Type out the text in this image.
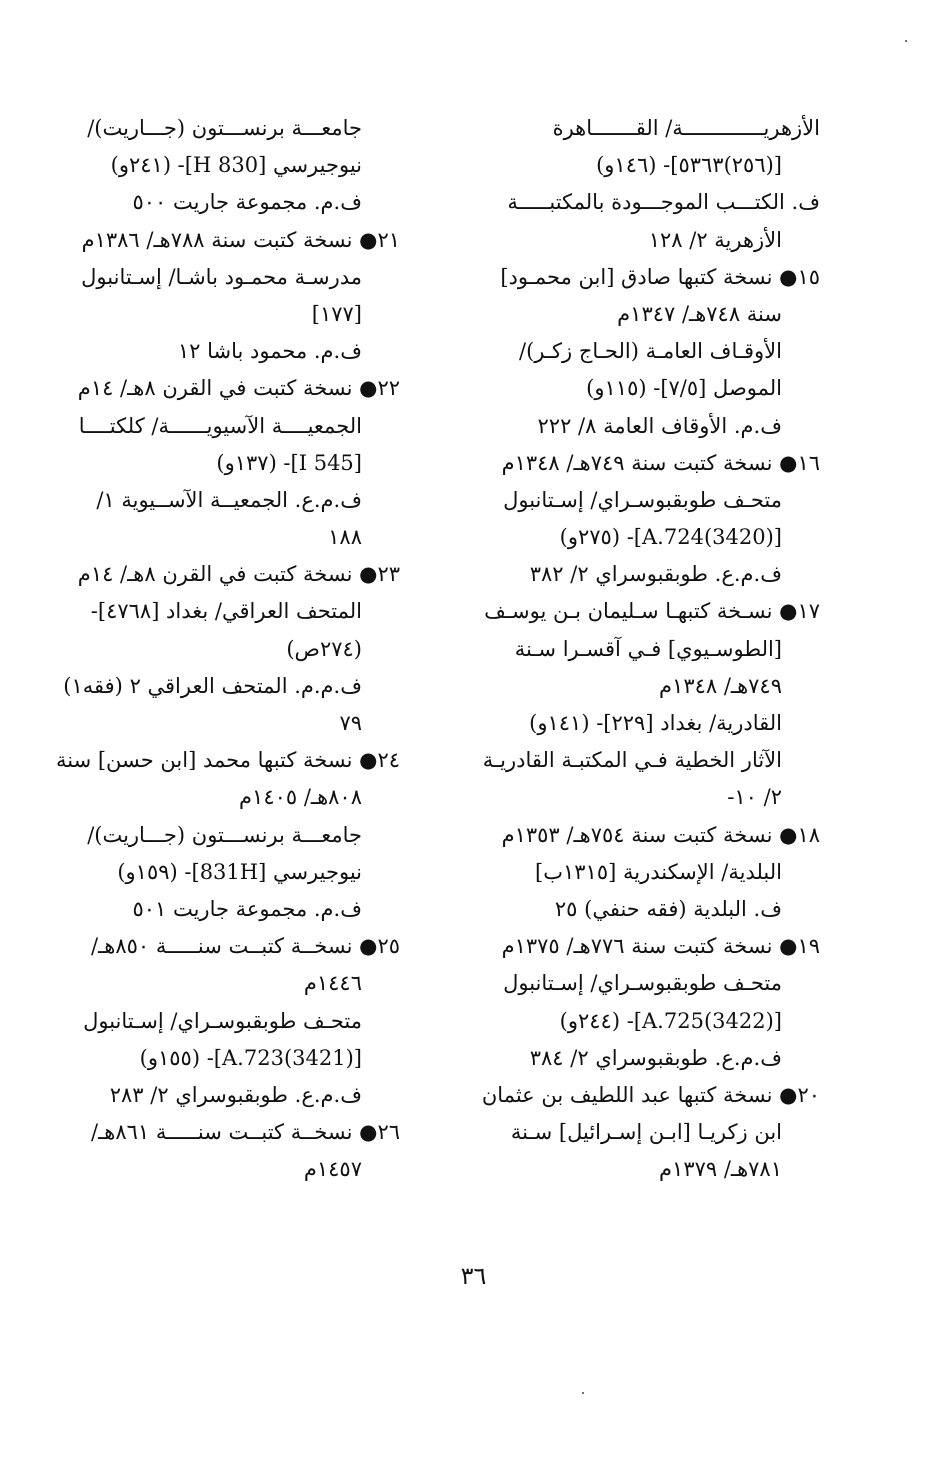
الأزهريـــــــــــــة/ القـــــــاهرة
[(٢٥٦)٥٣٦٣]- (١٤٦و)
ف. الكتـــب الموجـــودة بالمكتبـــــة
الأزهرية ٢/ ١٢٨
١٥● نسخة كتبها صادق [ابن محمـود]
سنة ٧٤٨هـ/ ١٣٤٧م
الأوقـاف العامـة (الحـاج زكـر)/
الموصل [٧/٥]- (١١٥و)
ف.م. الأوقاف العامة ٨/ ٢٢٢
١٦● نسخة كتبت سنة ٧٤٩هـ/ ١٣٤٨م
متحـف طوبقبوسـراي/ إسـتانبول
[(3420)A.724]- (٢٧٥و)
ف.م.ع. طوبقبوسراي ٢/ ٣٨٢
١٧● نسـخة كتبهـا سـليمان بـن يوسـف
[الطوسـيوي] فـي آقسـرا سـنة
٧٤٩هـ/ ١٣٤٨م
القادرية/ بغداد [٢٢٩]- (١٤١و)
الآثار الخطية فـي المكتبـة القادريـة
٢/ ١٠-
١٨● نسخة كتبت سنة ٧٥٤هـ/ ١٣٥٣م
البلدية/ الإسكندرية [١٣١٥ب]
ف. البلدية (فقه حنفي) ٢٥
١٩● نسخة كتبت سنة ٧٧٦هـ/ ١٣٧٥م
متحـف طوبقبوسـراي/ إسـتانبول
[(3422)A.725]- (٢٤٤و)
ف.م.ع. طوبقبوسراي ٢/ ٣٨٤
٢٠● نسخة كتبها عبد اللطيف بن عثمان
ابن زكريـا [ابـن إسـرائيل] سـنة
٧٨١هـ/ ١٣٧٩م
جامعـــة برنســـتون (جـــاريت)/
نيوجيرسي [830 H]- (٢٤١و)
ف.م. مجموعة جاريت ٥٠٠
٢١● نسخة كتبت سنة ٧٨٨هـ/ ١٣٨٦م
مدرسـة محمـود باشـا/ إسـتانبول
[١٧٧]
ف.م. محمود باشا ١٢
٢٢● نسخة كتبت في القرن ٨هـ/ ١٤م
الجمعيــــة الآسيويــــــة/ كلكتــــا
[I 545]- (١٣٧و)
ف.م.ع. الجمعيــة الآســيوية ١/
١٨٨
٢٣● نسخة كتبت في القرن ٨هـ/ ١٤م
المتحف العراقي/ بغداد [٤٧٦٨]-
(٢٧٤ص)
ف.م.م. المتحف العراقي ٢ (فقه١)
٧٩
٢٤● نسخة كتبها محمد [ابن حسن] سنة
٨٠٨هـ/ ١٤٠٥م
جامعـــة برنســـتون (جـــاريت)/
نيوجيرسي [831H]- (١٥٩و)
ف.م. مجموعة جاريت ٥٠١
٢٥● نسخــة كتبــت سنـــــة ٨٥٠هـ/
١٤٤٦م
متحـف طوبقبوسـراي/ إسـتانبول
[(3421)A.723]- (١٥٥و)
ف.م.ع. طوبقبوسراي ٢/ ٢٨٣
٢٦● نسخــة كتبــت سنـــــة ٨٦١هـ/
١٤٥٧م
٣٦
